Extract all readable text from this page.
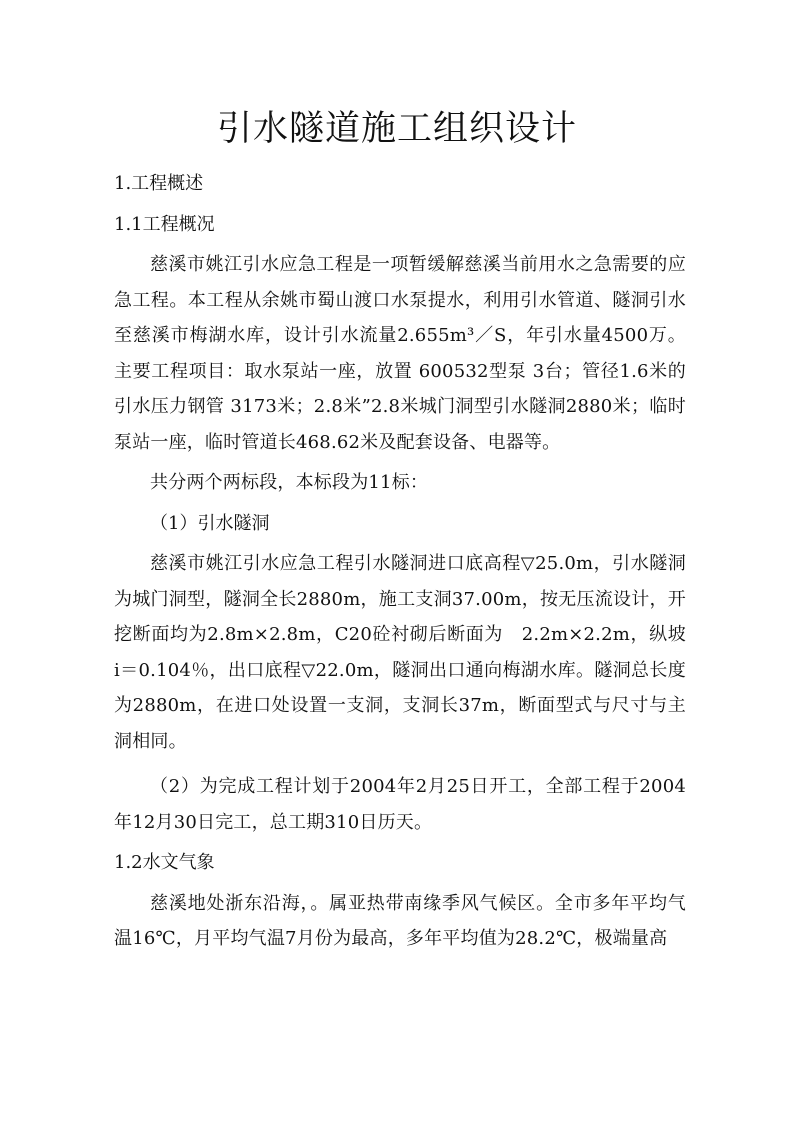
引水隧道施工组织设计
1.工程概述
1.1工程概况

慈溪市姚江引水应急工程是一项暂缓解慈溪当前用水之急需要的应急工程。本工程从余姚市蜀山渡口水泵提水，利用引水管道、隧洞引水至慈溪市梅湖水库，设计引水流量2.655m³／S，年引水量4500万。主要工程项目：取水泵站一座，放置 600532型泵 3台；管径1.6米的引水压力钢管 3173米；2.8米”2.8米城门洞型引水隧洞2880米；临时泵站一座，临时管道长468.62米及配套设备、电器等。

共分两个两标段，本标段为11标：

（1）引水隧洞

慈溪市姚江引水应急工程引水隧洞进口底高程▽25.0m，引水隧洞为城门洞型，隧洞全长2880m，施工支洞37.00m，按无压流设计，开挖断面均为2.8m×2.8m，C20砼衬砌后断面为　2.2m×2.2m，纵坡 i＝0.104％，出口底程▽22.0m，隧洞出口通向梅湖水库。隧洞总长度为2880m，在进口处设置一支洞，支洞长37m，断面型式与尺寸与主洞相同。

（2）为完成工程计划于2004年2月25日开工，全部工程于2004年12月30日完工，总工期310日历天。

1.2水文气象

慈溪地处浙东沿海，。属亚热带南缘季风气候区。全市多年平均气温16℃，月平均气温7月份为最高，多年平均值为28.2℃，极端量高
